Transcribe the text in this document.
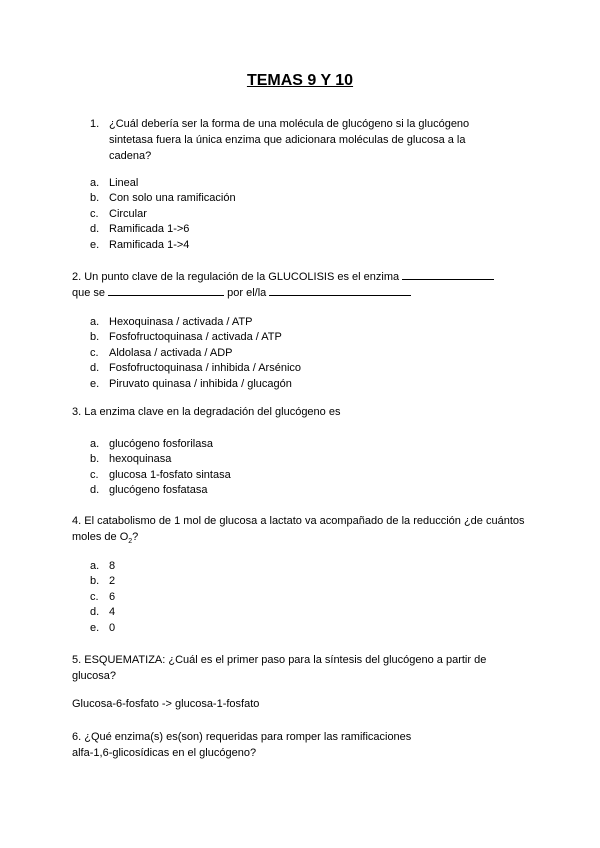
TEMAS 9 Y 10
1. ¿Cuál debería ser la forma de una molécula de glucógeno si la glucógeno sintetasa fuera la única enzima que adicionara moléculas de glucosa a la cadena?
a. Lineal
b. Con solo una ramificación
c. Circular
d. Ramificada 1->6
e. Ramificada 1->4
2. Un punto clave de la regulación de la GLUCOLISIS es el enzima
que se	por el/la
a. Hexoquinasa / activada / ATP
b. Fosfofructoquinasa / activada / ATP
c. Aldolasa / activada / ADP
d. Fosfofructoquinasa / inhibida / Arsénico
e. Piruvato quinasa / inhibida / glucagón
3. La enzima clave en la degradación del glucógeno es
a. glucógeno fosforilasa
b. hexoquinasa
c. glucosa 1-fosfato sintasa
d. glucógeno fosfatasa
4. El catabolismo de 1 mol de glucosa a lactato va acompañado de la reducción ¿de cuántos moles de $O_2$?
a. 8
b. 2
c. 6
d. 4
e. 0
5. ESQUEMATIZA: ¿Cuál es el primer paso para la síntesis del glucógeno a partir de glucosa?
Glucosa-6-fosfato -> glucosa-1-fosfato
6. ¿Qué enzima(s) es(son) requeridas para romper las ramificaciones
alfa-1,6-glicosídicas en el glucógeno?
